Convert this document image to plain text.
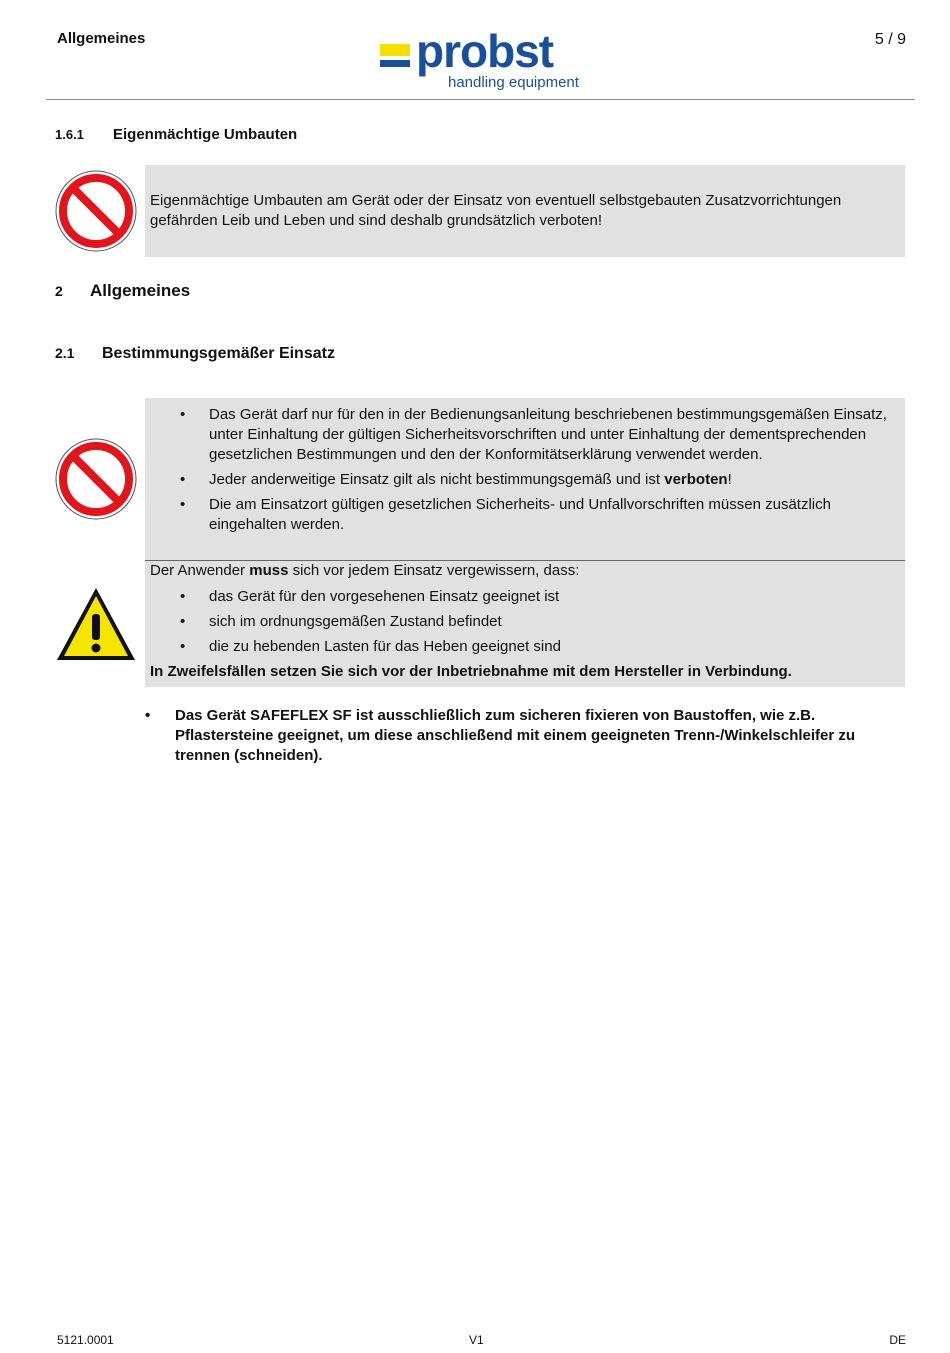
Allgemeines	probst
handling equipment
5 / 9
1.6.1 Eigenmächtige Umbauten
Eigenmächtige Umbauten am Gerät oder der Einsatz von eventuell selbstgebauten Zusatzvorrichtungen gefährden Leib und Leben und sind deshalb grundsätzlich verboten!
2 Allgemeines
2.1 Bestimmungsgemäßer Einsatz
• Das Gerät darf nur für den in der Bedienungsanleitung beschriebenen bestimmungsgemäßen Einsatz, unter Einhaltung der gültigen Sicherheitsvorschriften und unter Einhaltung der dementsprechenden gesetzlichen Bestimmungen und den der Konformitätserklärung verwendet werden.
• Jeder anderweitige Einsatz gilt als nicht bestimmungsgemäß und ist verboten!
• Die am Einsatzort gültigen gesetzlichen Sicherheits- und Unfallvorschriften müssen zusätzlich eingehalten werden.
Der Anwender muss sich vor jedem Einsatz vergewissern, dass:
• das Gerät für den vorgesehenen Einsatz geeignet ist
• sich im ordnungsgemäßen Zustand befindet
• die zu hebenden Lasten für das Heben geeignet sind
In Zweifelsfällen setzen Sie sich vor der Inbetriebnahme mit dem Hersteller in Verbindung.
•	Das Gerät SAFEFLEX SF ist ausschließlich zum sicheren fixieren von Baustoffen, wie z.B. Pflastersteine geeignet, um diese anschließend mit einem geeigneten Trenn-/Winkelschleifer zu trennen (schneiden).
5121.0001	V1	DE
